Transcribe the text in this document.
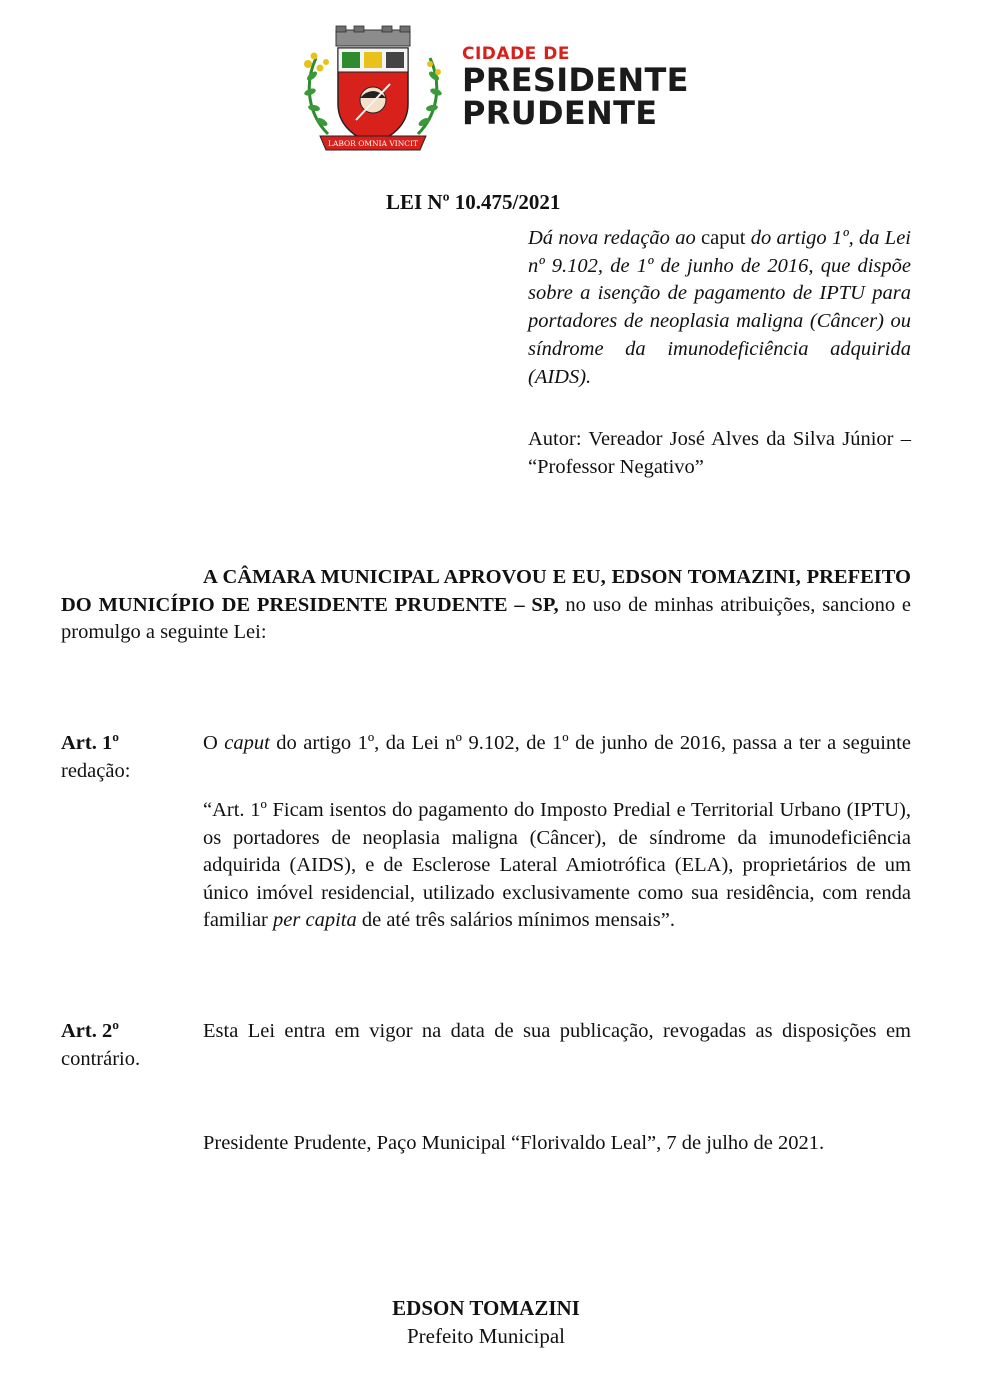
LABOR OMNIA VINCIT
CIDADE DE
PRESIDENTE
PRUDENTE
LEI Nº 10.475/2021
Dá nova redação ao caput do artigo 1º, da Lei nº 9.102, de 1º de junho de 2016, que dispõe sobre a isenção de pagamento de IPTU para portadores de neoplasia maligna (Câncer) ou síndrome da imunodeficiência adquirida (AIDS).
Autor: Vereador José Alves da Silva Júnior – “Professor Negativo”
A CÂMARA MUNICIPAL APROVOU E EU, EDSON TOMAZINI, PREFEITO DO MUNICÍPIO DE PRESIDENTE PRUDENTE – SP, no uso de minhas atribuições, sanciono e promulgo a seguinte Lei:
Art. 1º	O caput do artigo 1º, da Lei nº 9.102, de 1º de junho de 2016, passa a ter a seguinte redação:
“Art. 1º Ficam isentos do pagamento do Imposto Predial e Territorial Urbano (IPTU), os portadores de neoplasia maligna (Câncer), de síndrome da imunodeficiência adquirida (AIDS), e de Esclerose Lateral Amiotrófica (ELA), proprietários de um único imóvel residencial, utilizado exclusivamente como sua residência, com renda familiar per capita de até três salários mínimos mensais”.
Art. 2º	Esta Lei entra em vigor na data de sua publicação, revogadas as disposições em contrário.
Presidente Prudente, Paço Municipal “Florivaldo Leal”, 7 de julho de 2021.
EDSON TOMAZINI
Prefeito Municipal
